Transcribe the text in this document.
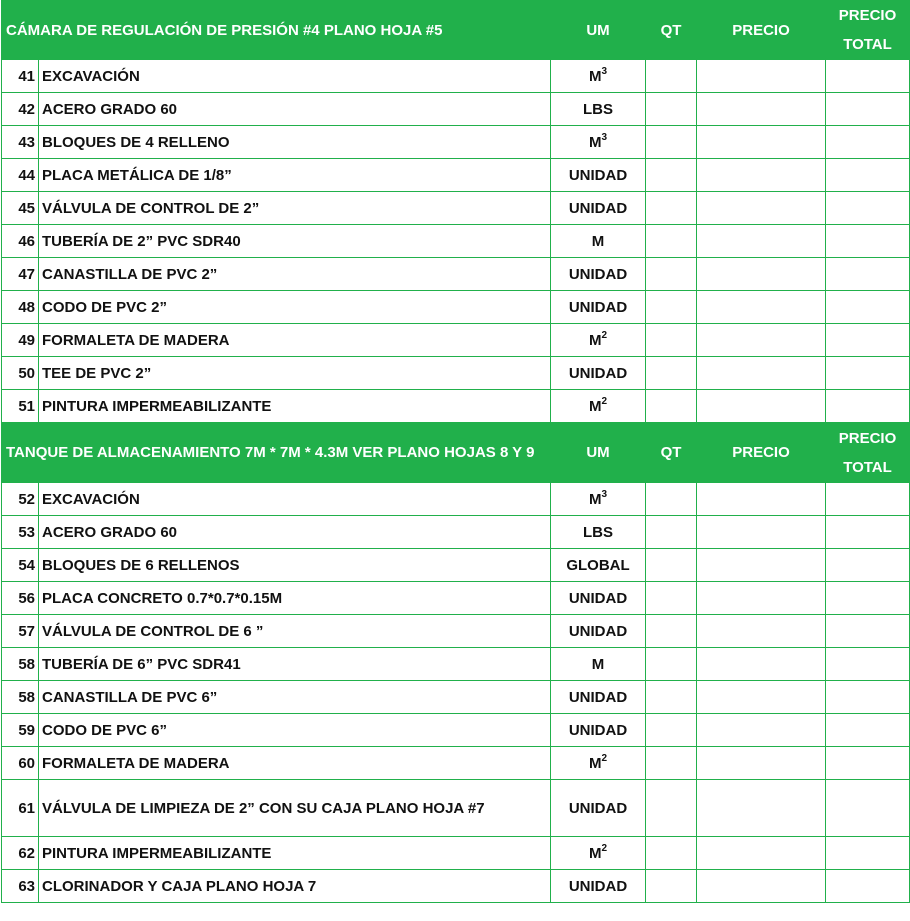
CÁMARA DE REGULACIÓN DE PRESIÓN #4 PLANO HOJA #5		UM	QT	PRECIO	PRECIO
TOTAL
41	EXCAVACIÓN	$M^3$			
42	ACERO GRADO 60	LBS			
43	BLOQUES DE 4 RELLENO	$M^3$			
44	PLACA METÁLICA DE 1/8”	UNIDAD			
45	VÁLVULA DE CONTROL DE 2”	UNIDAD			
46	TUBERÍA DE 2” PVC SDR40	M			
47	CANASTILLA DE PVC 2”	UNIDAD			
48	CODO DE PVC 2”	UNIDAD			
49	FORMALETA DE MADERA	$M^2$			
50	TEE DE PVC 2”	UNIDAD			
51	PINTURA IMPERMEABILIZANTE	$M^2$			
TANQUE DE ALMACENAMIENTO 7M * 7M * 4.3M VER PLANO HOJAS 8 Y 9		UM	QT	PRECIO	PRECIO
TOTAL
52	EXCAVACIÓN	$M^3$			
53	ACERO GRADO 60	LBS			
54	BLOQUES DE 6 RELLENOS	GLOBAL			
56	PLACA CONCRETO 0.7*0.7*0.15M	UNIDAD			
57	VÁLVULA DE CONTROL DE 6 ”	UNIDAD			
58	TUBERÍA DE 6” PVC SDR41	M			
58	CANASTILLA DE PVC 6”	UNIDAD			
59	CODO DE PVC 6”	UNIDAD			
60	FORMALETA DE MADERA	$M^2$			
61	VÁLVULA DE LIMPIEZA DE 2” CON SU CAJA PLANO HOJA #7	UNIDAD			
62	PINTURA IMPERMEABILIZANTE	$M^2$			
63	CLORINADOR Y CAJA PLANO HOJA 7	UNIDAD			
